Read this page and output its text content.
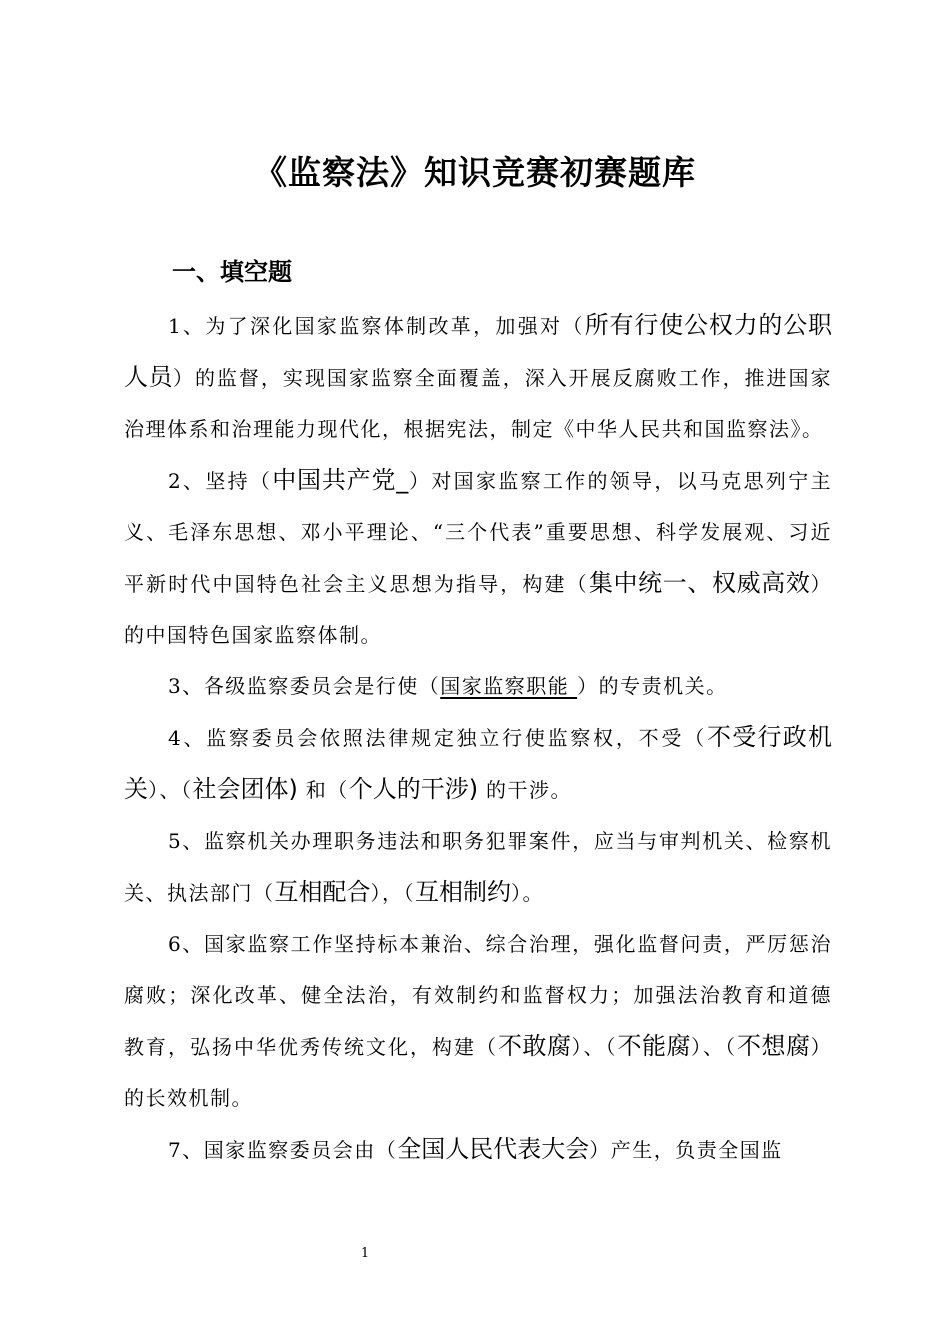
《监察法》知识竞赛初赛题库
一、填空题

1、为了深化国家监察体制改革，加强对（所有行使公权力的公职人员）的监督，实现国家监察全面覆盖，深入开展反腐败工作，推进国家治理体系和治理能力现代化，根据宪法，制定《中华人民共和国监察法》。

2、坚持（中国共产党_）对国家监察工作的领导，以马克思列宁主义、毛泽东思想、邓小平理论、“三个代表”重要思想、科学发展观、习近平新时代中国特色社会主义思想为指导，构建（集中统一、权威高效）的中国特色国家监察体制。

3、各级监察委员会是行使（国家监察职能 ）的专责机关。

4、监察委员会依照法律规定独立行使监察权，不受（不受行政机关）、（社会团体) 和（个人的干涉) 的干涉。

5、监察机关办理职务违法和职务犯罪案件，应当与审判机关、检察机关、执法部门（互相配合），（互相制约）。

6、国家监察工作坚持标本兼治、综合治理，强化监督问责，严厉惩治腐败；深化改革、健全法治，有效制约和监督权力；加强法治教育和道德教育，弘扬中华优秀传统文化，构建（不敢腐）、（不能腐）、（不想腐）的长效机制。

7、国家监察委员会由（全国人民代表大会）产生，负责全国监

1
